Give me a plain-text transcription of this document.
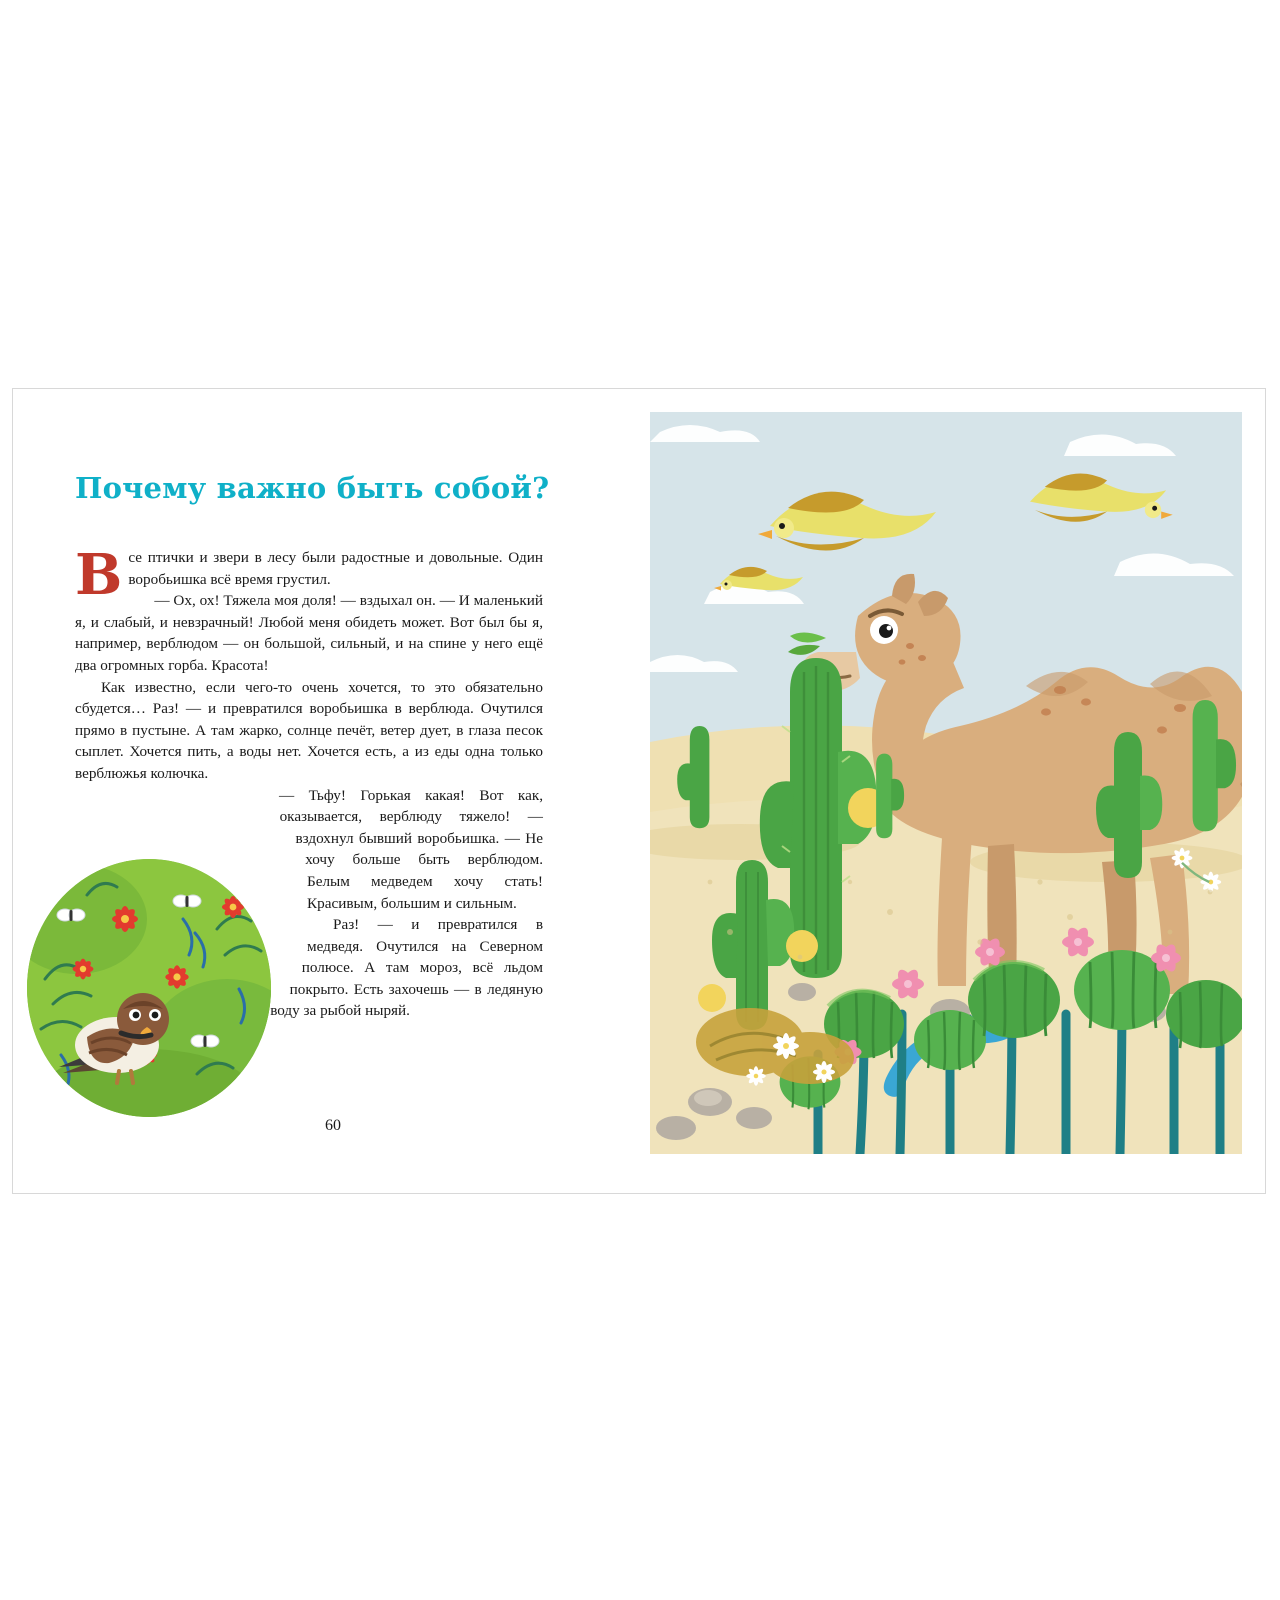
Почему важно быть собой?

Все птички и звери в лесу были радостные и довольные. Один воробьишка всё время грустил.

— Ох, ох! Тяжела моя доля! — вздыхал он. — И маленький я, и слабый, и невзрачный! Любой меня обидеть может. Вот был бы я, например, верблюдом — он большой, сильный, и на спине у него ещё два огромных горба. Красота!

Как известно, если чего-то очень хочется, то это обязательно сбудется… Раз! — и превратился воробьишка в верблюда. Очутился прямо в пустыне. А там жарко, солнце печёт, ветер дует, в глаза песок сыплет. Хочется пить, а воды нет. Хочется есть, а из еды одна только верблюжья колючка.

— Тьфу! Горькая какая! Вот как, оказывается, верблюду тяжело! — вздохнул бывший воробьишка. — Не хочу больше быть верблюдом. Белым медведем хочу стать! Красивым, большим и сильным.

Раз! — и превратился в медведя. Очутился на Северном полюсе. А там мороз, всё льдом покрыто. Есть захочешь — в ледяную воду за рыбой ныряй.

60
